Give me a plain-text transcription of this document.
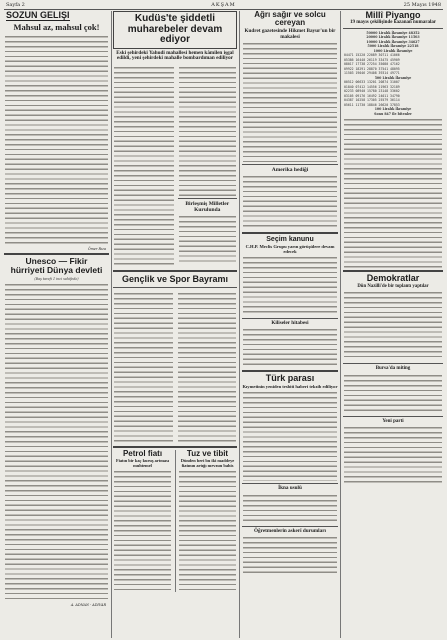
Sayfa 2	AKŞAM	25 Mayıs 1948
SÖZÜN GELİŞİ
Mahsul az, mahsul çok!
Ömer Rıza
Unesco — Fikir hürriyeti Dünya devleti
(Baş tarafı 1 inci sahifede)
A. ADNAN - ADIVAR
Kudüs'te şiddetli muharebeler devam ediyor
Eski şehirdeki Yahudi mahallesi hemen kâmilen işgal edildi, yeni şehirdeki mahalle bombardıman ediliyor
Birleşmiş Milletler Kurulunda
Gençlik ve Spor Bayramı
Petrol fiatı
Fiatın bir kaç kuruş artması muhtemel
Tuz ve tibit
Dünden beri bu iki maddeye fiatının artığı mevzuu bahis
Ağrı sağır ve solcu cereyan
Kudret gazetesinde Hikmet Bayur'un bir makalesi
Amerika hediği
Seçim kanunu
C.H.P. Meclis Grupu yarın görüşülere devam edecek
Kiliseler hitabesi
Türk parası
Kıymetinin yeniden tesbiti haberi tekzib ediliyor
İkna usulü
Öğretmenlerin askerî durumları
Millî Piyango
19 mayıs çekilişinde kazanan numaralar
50000 Liralık İkramiye 48352
20000 Liralık İkramiye 11503
10000 Liralık İkramiye 34627
5000 Liralık İkramiye 22518
1000 Liralık İkramiye
04471 15220 22089 30711 41066
05386 16440 26119 33475 45909
08017 17738 27254 35080 47162
09922 18291 28870 37541 48095
11503 19046 29408 39314 49771
500 Liralık İkramiye
00512 06633 13201 20874 31007
01840 07412 14556 21963 32189
02233 08940 15780 23148 33602
03105 09176 16492 24011 34790
04387 10258 17305 25579 36114
05611 11730 18846 26620 37853
100 Liralık İkramiye
Sonu 847 ile bitenler
Demokratlar
Dün Nazilli'de bir toplantı yaptılar
Bursa'da miting
Yeni parti
